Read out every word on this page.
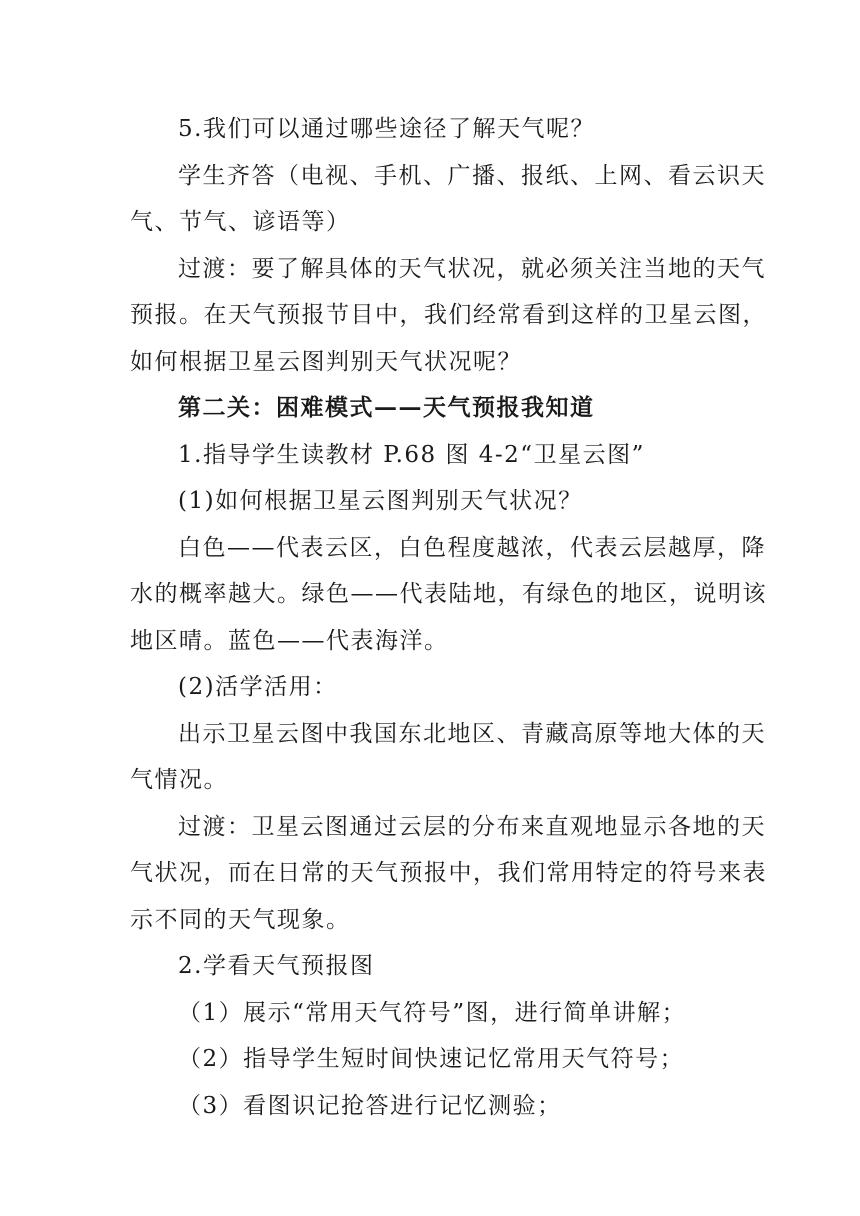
5.我们可以通过哪些途径了解天气呢？
学生齐答（电视、手机、广播、报纸、上网、看云识天
气、节气、谚语等）
过渡：要了解具体的天气状况，就必须关注当地的天气
预报。在天气预报节目中，我们经常看到这样的卫星云图，
如何根据卫星云图判别天气状况呢？
第二关：困难模式——天气预报我知道
1.指导学生读教材 P.68 图 4-2“卫星云图”
(1)如何根据卫星云图判别天气状况？
白色——代表云区，白色程度越浓，代表云层越厚，降
水的概率越大。绿色——代表陆地，有绿色的地区，说明该
地区晴。蓝色——代表海洋。
(2)活学活用：
出示卫星云图中我国东北地区、青藏高原等地大体的天
气情况。
过渡：卫星云图通过云层的分布来直观地显示各地的天
气状况，而在日常的天气预报中，我们常用特定的符号来表
示不同的天气现象。
2.学看天气预报图
（1）展示“常用天气符号”图，进行简单讲解；
（2）指导学生短时间快速记忆常用天气符号；
（3）看图识记抢答进行记忆测验；
